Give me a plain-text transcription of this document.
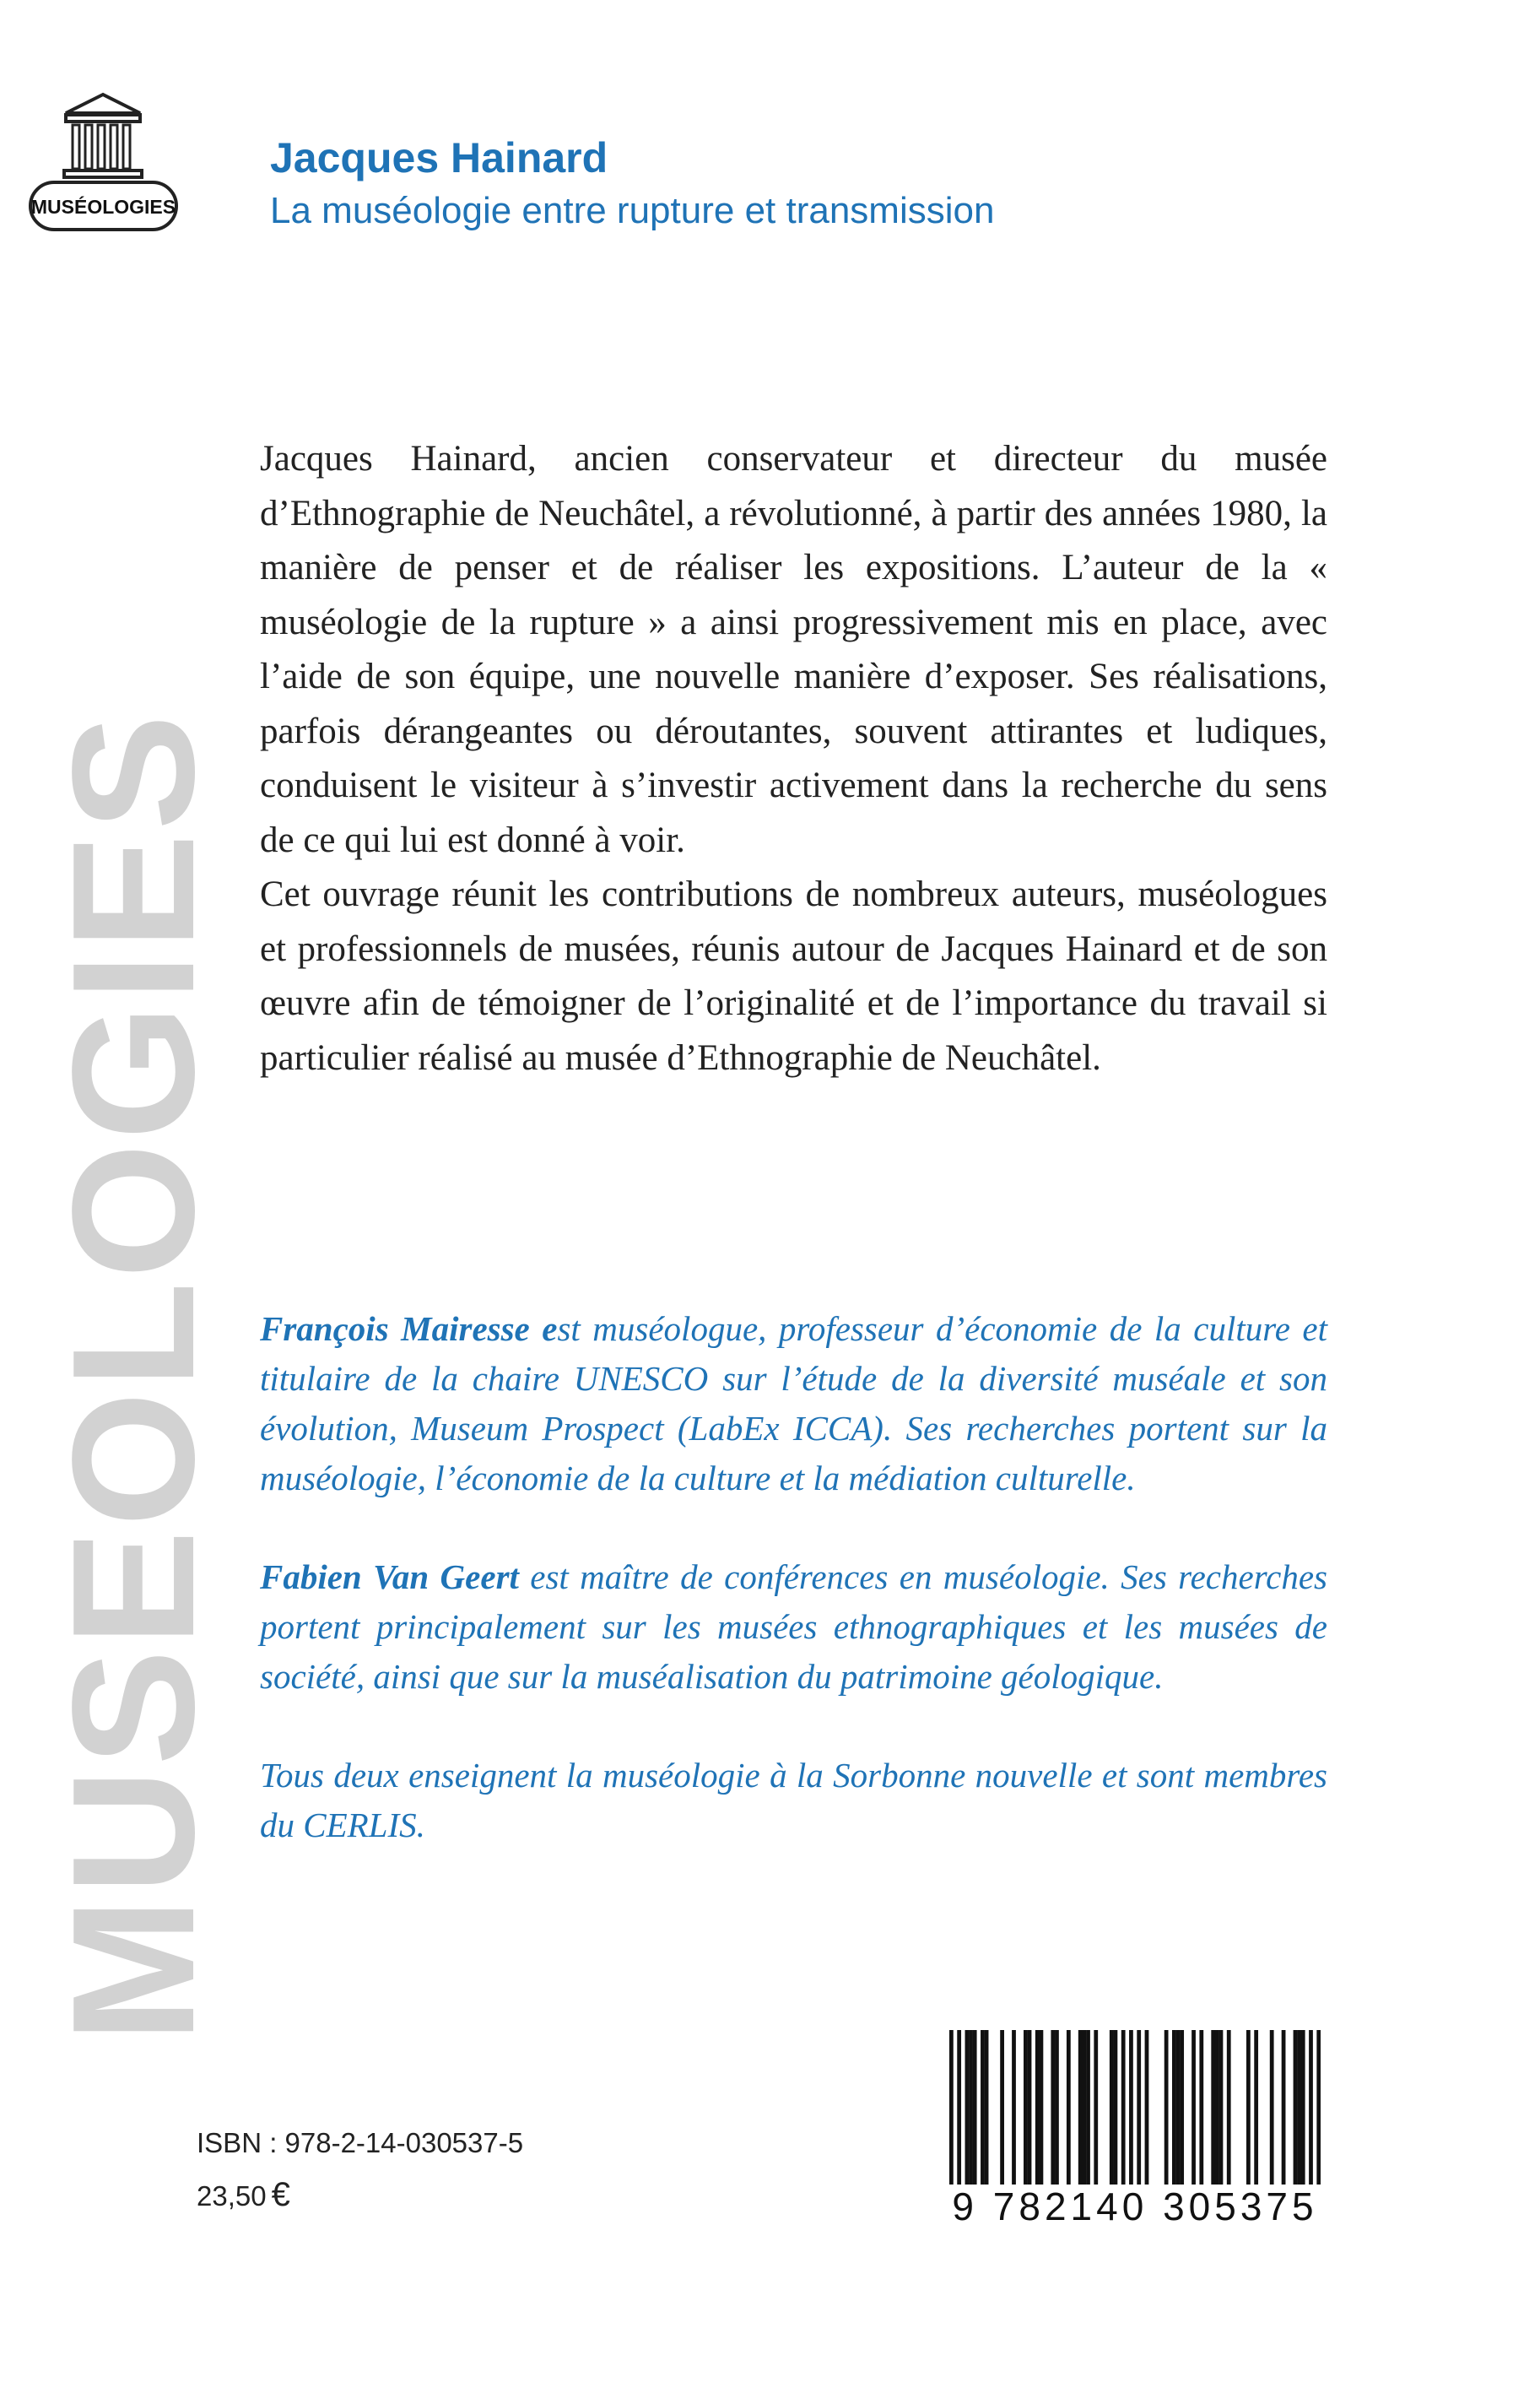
MUSÉOLOGIES
MUSEOLOGIES
Jacques Hainard
La muséologie entre rupture et transmission

Jacques Hainard, ancien conservateur et directeur du musée d’Ethnographie de Neuchâtel, a révolutionné, à partir des années 1980, la manière de penser et de réaliser les expositions. L’auteur de la « muséologie de la rupture » a ainsi progressivement mis en place, avec l’aide de son équipe, une nouvelle manière d’exposer. Ses réalisations, parfois dérangeantes ou déroutantes, souvent attirantes et ludiques, conduisent le visiteur à s’investir activement dans la recherche du sens de ce qui lui est donné à voir.

Cet ouvrage réunit les contributions de nombreux auteurs, muséologues et professionnels de musées, réunis autour de Jacques Hainard et de son œuvre afin de témoigner de l’originalité et de l’importance du travail si particulier réalisé au musée d’Ethnographie de Neuchâtel.

François Mairesse est muséologue, professeur d’économie de la culture et titulaire de la chaire UNESCO sur l’étude de la diversité muséale et son évolution, Museum Prospect (LabEx ICCA). Ses recherches portent sur la muséologie, l’économie de la culture et la médiation culturelle.

Fabien Van Geert est maître de conférences en muséologie. Ses recherches portent principalement sur les musées ethnographiques et les musées de société, ainsi que sur la muséalisation du patrimoine géologique.

Tous deux enseignent la muséologie à la Sorbonne nouvelle et sont membres du CERLIS.

ISBN : 978-2-14-030537-5
23,50 €	9 782140 305375
